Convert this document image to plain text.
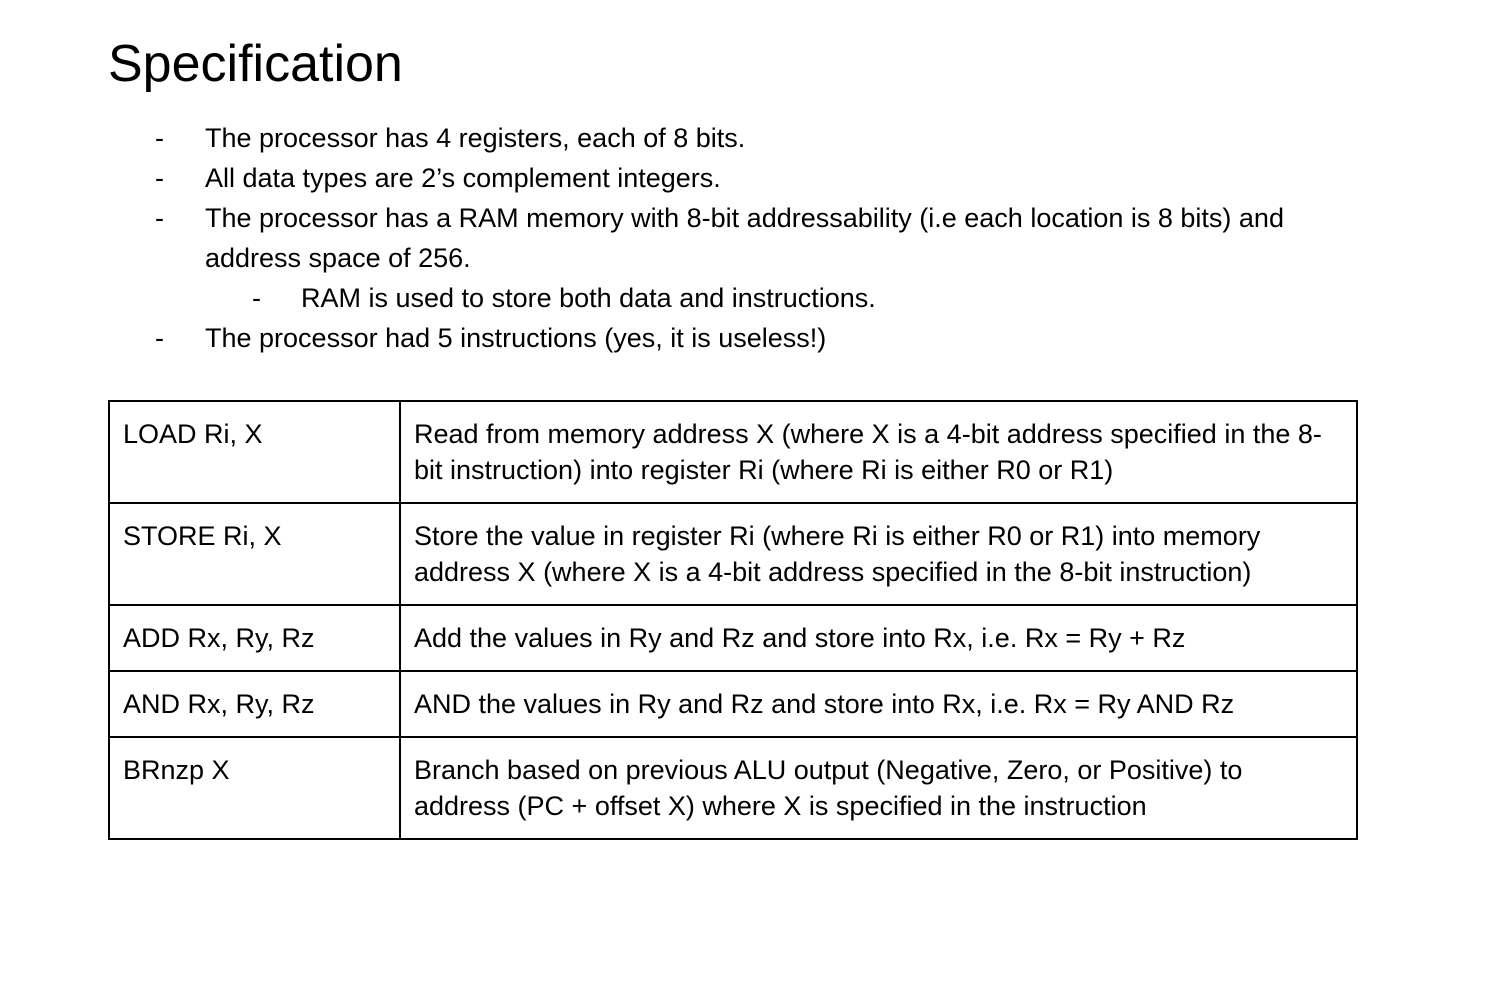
Specification
- The processor has 4 registers, each of 8 bits.
- All data types are 2’s complement integers.
- The processor has a RAM memory with 8-bit addressability (i.e each location is 8 bits) and address space of 256.
- RAM is used to store both data and instructions.
- The processor had 5 instructions (yes, it is useless!)
LOAD Ri, X	Read from memory address X (where X is a 4-bit address specified in the 8-bit instruction) into register Ri (where Ri is either R0 or R1)
STORE Ri, X	Store the value in register Ri (where Ri is either R0 or R1) into memory address X (where X is a 4-bit address specified in the 8-bit instruction)
ADD Rx, Ry, Rz	Add the values in Ry and Rz and store into Rx, i.e. Rx = Ry + Rz
AND Rx, Ry, Rz	AND the values in Ry and Rz and store into Rx, i.e. Rx = Ry AND Rz
BRnzp X	Branch based on previous ALU output (Negative, Zero, or Positive) to address (PC + offset X) where X is specified in the instruction
